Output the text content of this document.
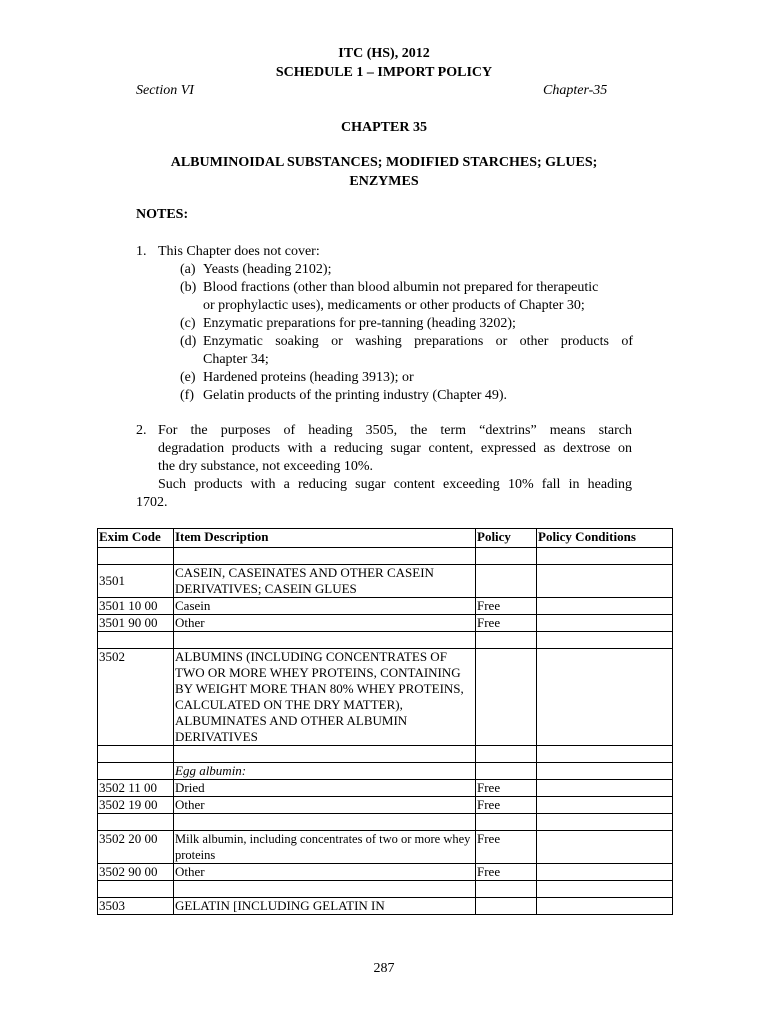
ITC (HS), 2012
SCHEDULE 1 – IMPORT POLICY
Section VI	Chapter-35
CHAPTER 35
ALBUMINOIDAL SUBSTANCES; MODIFIED STARCHES; GLUES;
ENZYMES
NOTES:
1. This Chapter does not cover:
(a) Yeasts (heading 2102);
(b) Blood fractions (other than blood albumin not prepared for therapeutic
or prophylactic uses), medicaments or other products of Chapter 30;
(c) Enzymatic preparations for pre-tanning (heading 3202);
(d) Enzymatic soaking or washing preparations or other products of
Chapter 34;
(e) Hardened proteins (heading 3913); or
(f) Gelatin products of the printing industry (Chapter 49).
2. For the purposes of heading 3505, the term “dextrins” means starch
degradation products with a reducing sugar content, expressed as dextrose on
the dry substance, not exceeding 10%.
Such products with a reducing sugar content exceeding 10% fall in heading
1702.
Exim Code	Item Description	Policy	Policy Conditions

3501	CASEIN, CASEINATES AND OTHER CASEIN DERIVATIVES; CASEIN GLUES		
3501 10 00	Casein	Free	
3501 90 00	Other	Free	

3502	ALBUMINS (INCLUDING CONCENTRATES OF TWO OR MORE WHEY PROTEINS, CONTAINING BY WEIGHT MORE THAN 80% WHEY PROTEINS, CALCULATED ON THE DRY MATTER), ALBUMINATES AND OTHER ALBUMIN DERIVATIVES		

	Egg albumin:		
3502 11 00	Dried	Free	
3502 19 00	Other	Free	

3502 20 00	Milk albumin, including concentrates of two or more whey proteins	Free	
3502 90 00	Other	Free	

3503	GELATIN [INCLUDING GELATIN IN		
287
